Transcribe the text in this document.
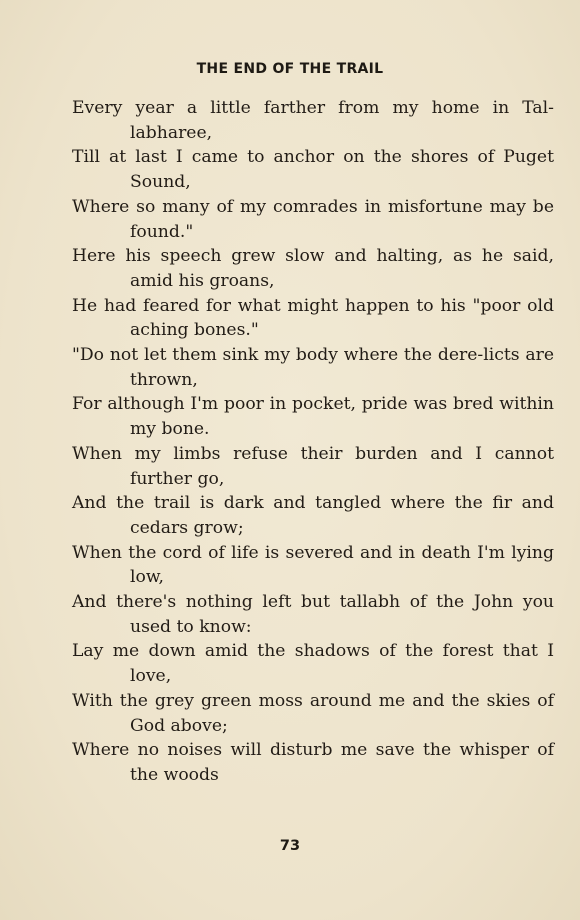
THE END OF THE TRAIL

Every year a little farther from my home in Tal-labharee,

Till at last I came to anchor on the shores of Puget Sound,

Where so many of my comrades in misfortune may be found."

Here his speech grew slow and halting, as he said, amid his groans,

He had feared for what might happen to his "poor old aching bones."

"Do not let them sink my body where the dere-licts are thrown,

For although I'm poor in pocket, pride was bred within my bone.

When my limbs refuse their burden and I cannot further go,

And the trail is dark and tangled where the fir and cedars grow;

When the cord of life is severed and in death I'm lying low,

And there's nothing left but tallabh of the John you used to know:

Lay me down amid the shadows of the forest that I love,

With the grey green moss around me and the skies of God above;

Where no noises will disturb me save the whisper of the woods

73
